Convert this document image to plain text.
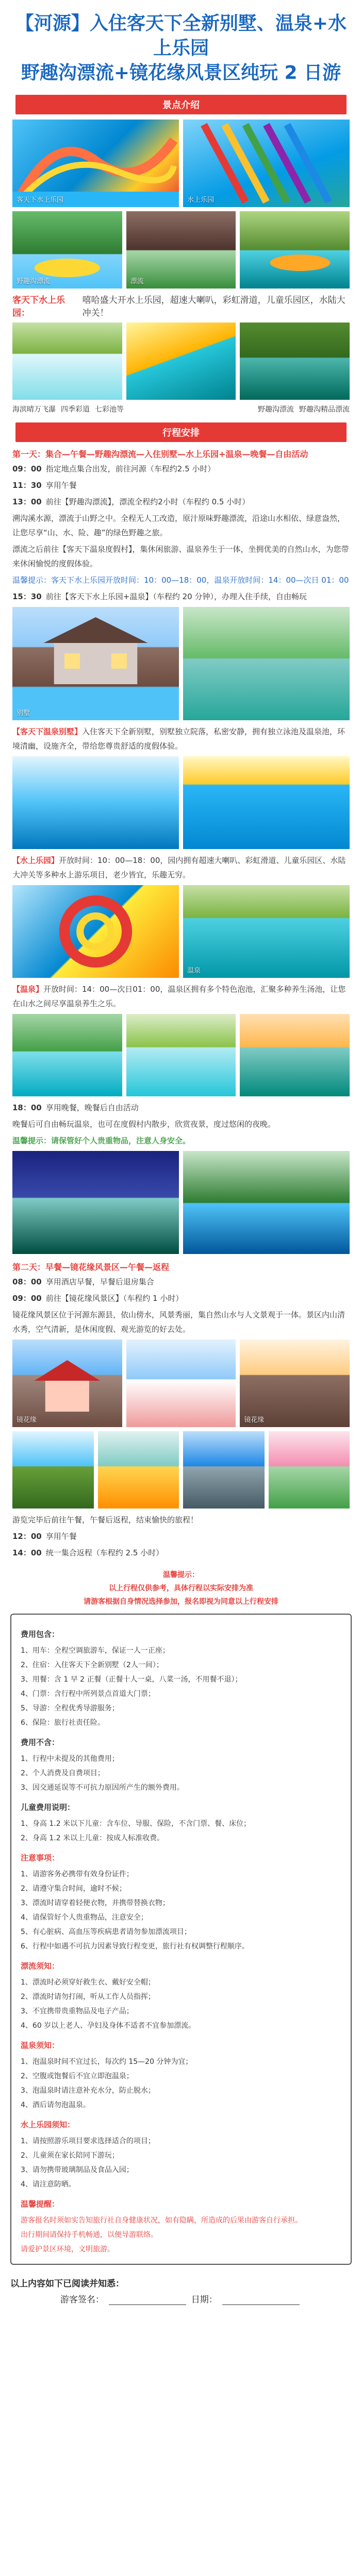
【河源】入住客天下全新别墅、温泉+水上乐园
野趣沟漂流+镜花缘风景区纯玩 2 日游
景点介绍
客天下水上乐园	水上乐园
野趣沟漂流	漂流
客天下水上乐园：
嘻哈盛大开水上乐园，超速大喇叭，彩虹滑道，儿童乐园区，水陆大冲关！
海滨晴万飞瀑 四季彩道 七彩池等	野趣沟漂流 野趣沟精品漂流
行程安排
第一天：集合—午餐—野趣沟漂流—入住别墅—水上乐园+温泉—晚餐—自由活动

09：00 指定地点集合出发，前往河源（车程约2.5 小时）

11：30 享用午餐

13：00 前往【野趣沟漂流】，漂流全程约2小时（车程约 0.5 小时）

溯沟溪水源，漂流于山野之中。全程无人工改造，原汁原味野趣漂流，沿途山水相依、绿意盎然，让您尽享“山、水、险、趣”的绿色野趣之旅。

漂流之后前往【客天下温泉度假村】，集休闲旅游、温泉养生于一体，坐拥优美的自然山水，为您带来休闲愉悦的度假体验。

温馨提示：客天下水上乐园开放时间：10：00—18：00，温泉开放时间：14：00—次日 01：00

15：30 前往【客天下水上乐园+温泉】（车程约 20 分钟），办理入住手续，自由畅玩

别墅

【客天下温泉别墅】入住客天下全新别墅，别墅独立院落，私密安静，拥有独立泳池及温泉池，环境清幽，设施齐全，带给您尊贵舒适的度假体验。

【水上乐园】开放时间：10：00—18：00，园内拥有超速大喇叭、彩虹滑道、儿童乐园区、水陆大冲关等多种水上游乐项目，老少皆宜，乐趣无穷。

温泉

【温泉】开放时间：14：00—次日01：00，温泉区拥有多个特色泡池，汇聚多种养生汤池，让您在山水之间尽享温泉养生之乐。

18：00 享用晚餐，晚餐后自由活动

晚餐后可自由畅玩温泉，也可在度假村内散步，欣赏夜景，度过悠闲的夜晚。

温馨提示：请保管好个人贵重物品，注意人身安全。

第二天：早餐—镜花缘风景区—午餐—返程

08：00 享用酒店早餐，早餐后退房集合

09：00 前往【镜花缘风景区】（车程约 1 小时）

镜花缘风景区位于河源东源县，依山傍水，风景秀丽，集自然山水与人文景观于一体。景区内山清水秀，空气清新，是休闲度假、观光游览的好去处。

镜花缘	镜花缘

游览完毕后前往午餐，午餐后返程，结束愉快的旅程！

12：00 享用午餐

14：00 统一集合返程（车程约 2.5 小时）

温馨提示：
以上行程仅供参考，具体行程以实际安排为准
请游客根据自身情况选择参加，报名即视为同意以上行程安排
费用包含：
1、用车：全程空调旅游车，保证一人一正座；
2、住宿：入住客天下全新别墅（2人一间）；
3、用餐：含 1 早 2 正餐（正餐十人一桌，八菜一汤，不用餐不退）；
4、门票：含行程中所列景点首道大门票；
5、导游：全程优秀导游服务；
6、保险：旅行社责任险。
费用不含：
1、行程中未提及的其他费用；
2、个人消费及自费项目；
3、因交通延误等不可抗力原因所产生的额外费用。
儿童费用说明：
1、身高 1.2 米以下儿童：含车位、导服、保险，不含门票、餐、床位；
2、身高 1.2 米以上儿童：按成人标准收费。
注意事项：
1、请游客务必携带有效身份证件；
2、请遵守集合时间，逾时不候；
3、漂流时请穿着轻便衣物，并携带替换衣物；
4、请保管好个人贵重物品，注意安全；
5、有心脏病、高血压等疾病患者请勿参加漂流项目；
6、行程中如遇不可抗力因素导致行程变更，旅行社有权调整行程顺序。
漂流须知：
1、漂流时必须穿好救生衣、戴好安全帽；
2、漂流时请勿打闹，听从工作人员指挥；
3、不宜携带贵重物品及电子产品；
4、60 岁以上老人、孕妇及身体不适者不宜参加漂流。
温泉须知：
1、泡温泉时间不宜过长，每次约 15—20 分钟为宜；
2、空腹或饱餐后不宜立即泡温泉；
3、泡温泉时请注意补充水分，防止脱水；
4、酒后请勿泡温泉。
水上乐园须知：
1、请按照游乐项目要求选择适合的项目；
2、儿童须在家长陪同下游玩；
3、请勿携带玻璃制品及食品入园；
4、请注意防晒。
温馨提醒：
游客报名时须如实告知旅行社自身健康状况，如有隐瞒，所造成的后果由游客自行承担。
出行期间请保持手机畅通，以便导游联络。
请爱护景区环境，文明旅游。
以上内容如下已阅读并知悉：
游客签名：	日期：
